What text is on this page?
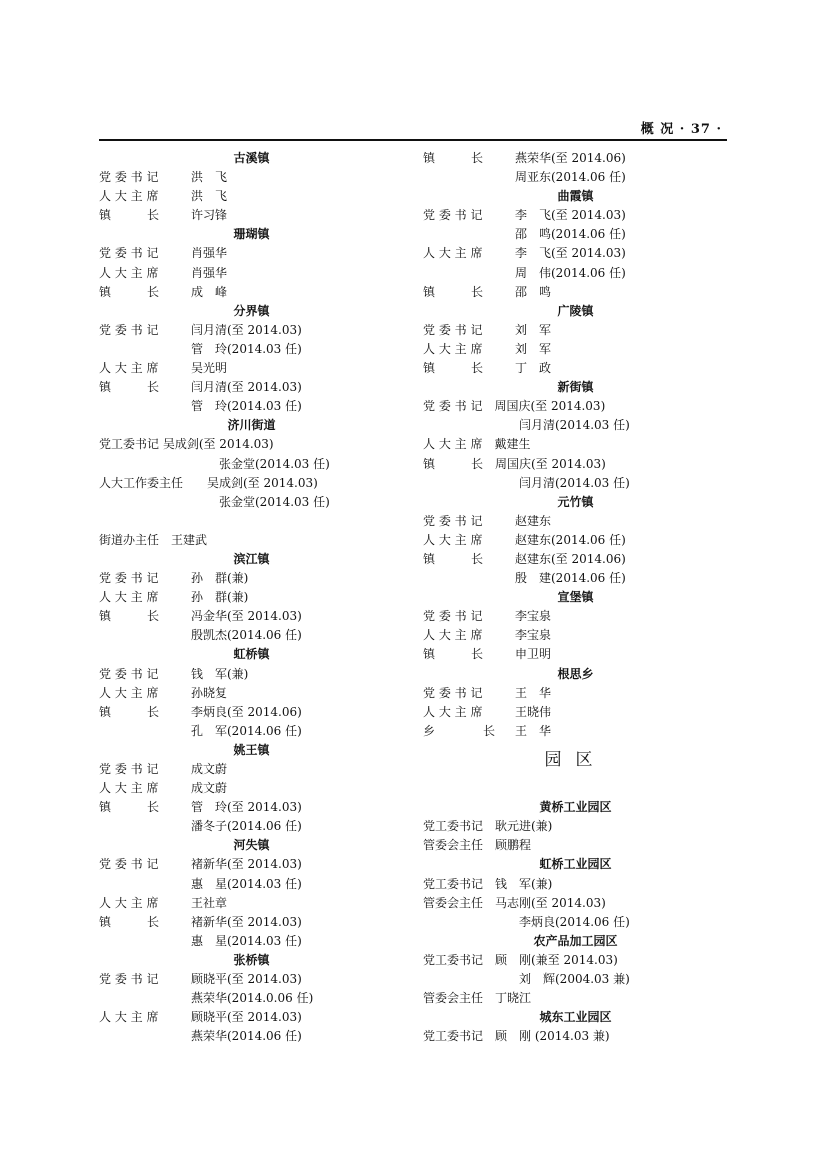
概 况 · 37 ·
古溪镇
党 委 书 记	洪　飞
人 大 主 席	洪　飞
镇　　　长	许习锋
珊瑚镇
党 委 书 记	肖强华
人 大 主 席	肖强华
镇　　　长	成　峰
分界镇
党 委 书 记	闫月清(至 2014.03)
管　玲(2014.03 任)
人 大 主 席	吴光明
镇　　　长	闫月清(至 2014.03)
管　玲(2014.03 任)
济川街道
党工委书记 吴成剑(至 2014.03)
　　　　　　　　　　张金堂(2014.03 任)
人大工作委主任　　吴成剑(至 2014.03)
　　　　　　　　　　张金堂(2014.03 任)
街道办主任　王建武
滨江镇
党 委 书 记	孙　群(兼)
人 大 主 席	孙　群(兼)
镇　　　长	冯金华(至 2014.03)
殷凯杰(2014.06 任)
虹桥镇
党 委 书 记	钱　军(兼)
人 大 主 席	孙晓复
镇　　　长	李炳良(至 2014.06)
孔　军(2014.06 任)
姚王镇
党 委 书 记	成文蔚
人 大 主 席	成文蔚
镇　　　长	管　玲(至 2014.03)
潘冬子(2014.06 任)
河失镇
党 委 书 记	褚新华(至 2014.03)
惠　星(2014.03 任)
人 大 主 席	王社章
镇　　　长	褚新华(至 2014.03)
惠　星(2014.03 任)
张桥镇
党 委 书 记	顾晓平(至 2014.03)
燕荣华(2014.0.06 任)
人 大 主 席	顾晓平(至 2014.03)
燕荣华(2014.06 任)
镇　　　长	燕荣华(至 2014.06)
周亚东(2014.06 任)
曲霞镇
党 委 书 记	李　飞(至 2014.03)
邵　鸣(2014.06 任)
人 大 主 席	李　飞(至 2014.03)
周　伟(2014.06 任)
镇　　　长	邵　鸣
广陵镇
党 委 书 记	刘　军
人 大 主 席	刘　军
镇　　　长	丁　政
新街镇
党 委 书 记　周国庆(至 2014.03)
　　　　　　　　闫月清(2014.03 任)
人 大 主 席　戴建生
镇　　　长　周国庆(至 2014.03)
　　　　　　　　闫月清(2014.03 任)
元竹镇
党 委 书 记	赵建东
人 大 主 席	赵建东(2014.06 任)
镇　　　长	赵建东(至 2014.06)
殷　建(2014.06 任)
宣堡镇
党 委 书 记	李宝泉
人 大 主 席	李宝泉
镇　　　长	申卫明
根思乡
党 委 书 记	王　华
人 大 主 席	王晓伟
乡　　　　长 王　华
园区
黄桥工业园区
党工委书记　耿元进(兼)
管委会主任　顾鹏程
虹桥工业园区
党工委书记　钱　军(兼)
管委会主任　马志刚(至 2014.03)
　　　　　　　　李炳良(2014.06 任)
农产品加工园区
党工委书记　顾　刚(兼至 2014.03)
　　　　　　　　刘　辉(2004.03 兼)
管委会主任　丁晓江
城东工业园区
党工委书记　顾　刚 (2014.03 兼)
